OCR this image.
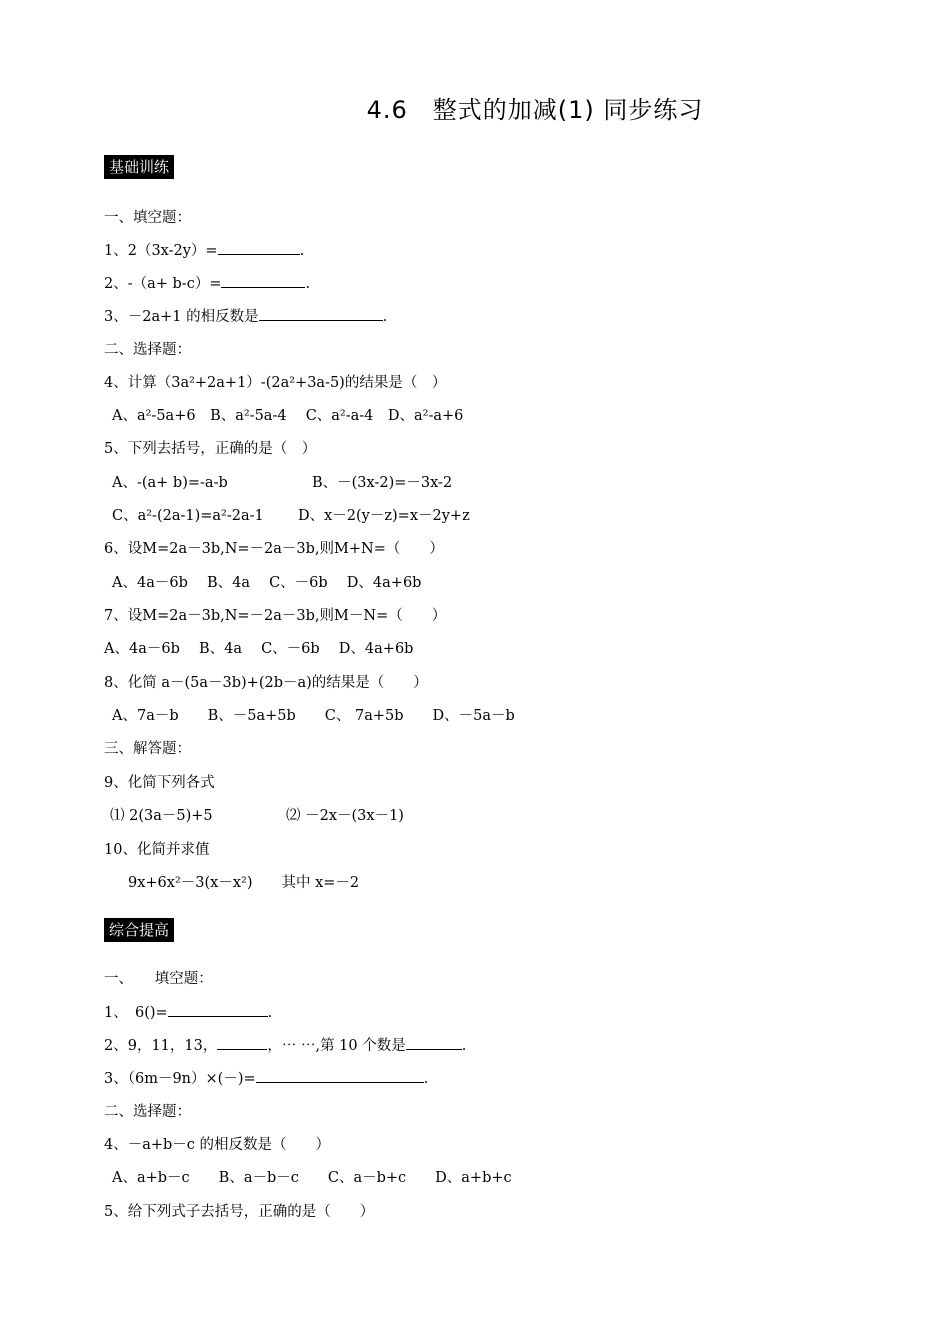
4.6　整式的加减(1) 同步练习
基础训练
一、填空题：
1、2（3x-2y）=	.
2、-（a+ b-c）=	.
3、－2a+1 的相反数是	.
二、选择题：
4、计算（3a²+2a+1）-(2a²+3a-5)的结果是（　）
A、a²-5a+6　B、a²-5a-4　 C、a²-a-4　D、a²-a+6
5、下列去括号，正确的是（　）
A、-(a+ b)=-a-b	B、－(3x-2)=－3x-2
C、a²-(2a-1)=a²-2a-1 D、x－2(y－z)=x－2y+z
6、设M=2a－3b,N=－2a－3b,则M+N=（　　）
A、4a－6b　 B、4a　 C、－6b　 D、4a+6b
7、设M=2a－3b,N=－2a－3b,则M－N=（　　）
A、4a－6b　 B、4a　 C、－6b　 D、4a+6b
8、化简 a－(5a－3b)+(2b－a)的结果是（　　）
A、7a－b　　B、－5a+5b　　C、 7a+5b　　D、－5a－b
三、解答题：
9、化简下列各式
⑴ 2(3a－5)+5	⑵ －2x－(3x－1)
10、化简并求值
9x+6x²－3(x－x²)　　其中 x=－2
综合提高
一、　　填空题：
1、　6()=	.
2、9，11，13，	，⋯ ⋯,第 10 个数是	.
3、（6m－9n）×(－)=	.
二、选择题：
4、－a+b－c 的相反数是（　　）
A、a+b－c　　B、a－b－c　　C、a－b+c　　D、a+b+c
5、给下列式子去括号，正确的是（　　）
